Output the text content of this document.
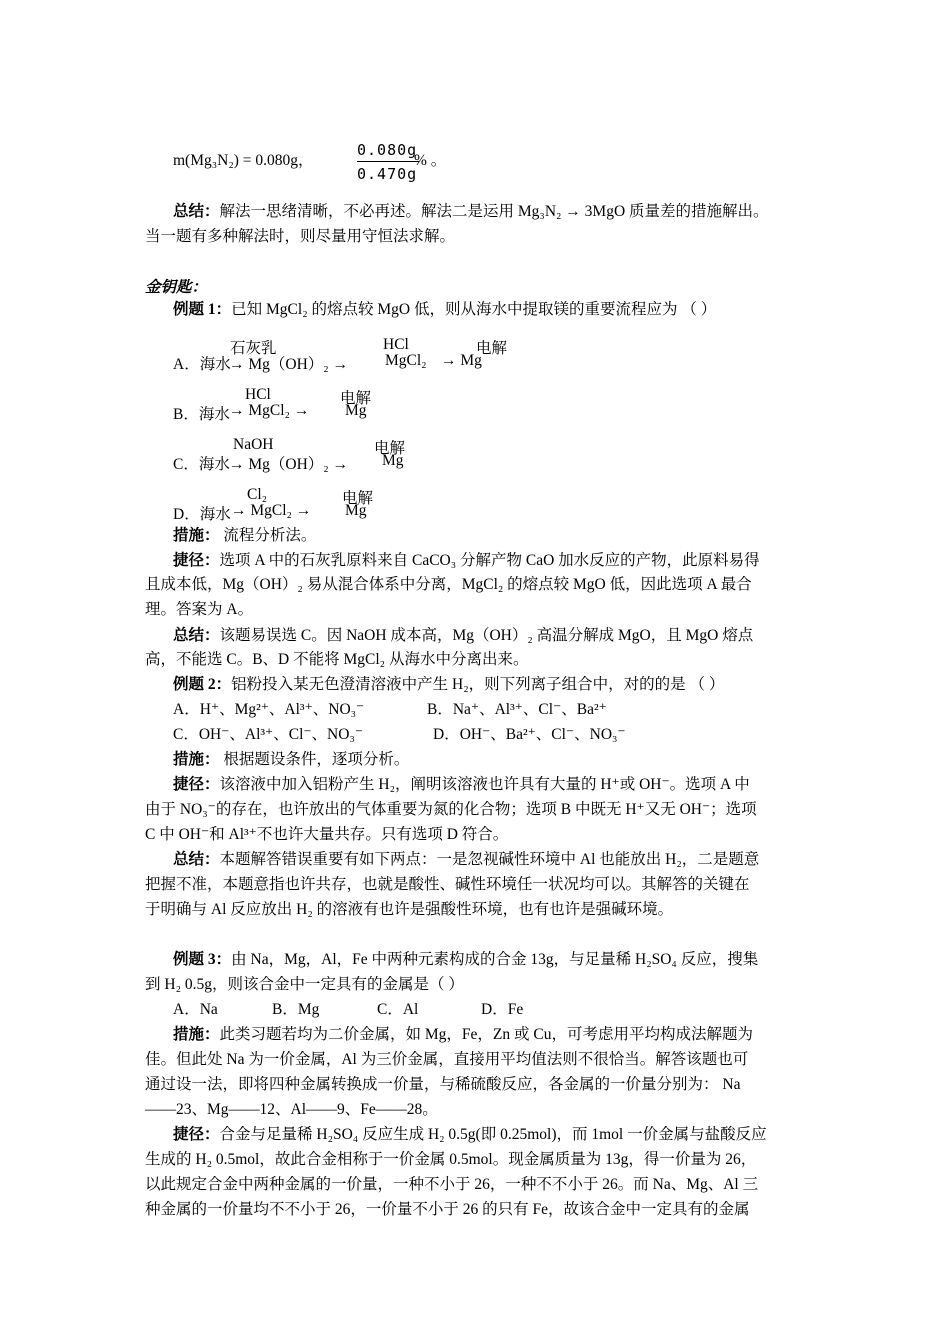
m(Mg₃N₂) = 0.080g，
0.080g
0.470g
% 。
总结：解法一思绪清晰，不必再述。解法二是运用 Mg₃N₂ → 3MgO 质量差的措施解出。
当一题有多种解法时，则尽量用守恒法求解。
金钥匙：
例题 1：已知 MgCl₂ 的熔点较 MgO 低，则从海水中提取镁的重要流程应为 （ ）
A．海水
→ Mg（OH）₂ → MgCl₂ → Mg
石灰乳	HCl	电解
B．海水 → MgCl₂ → Mg
HCl	电解
C．海水 → Mg（OH）₂ → Mg
NaOH	电解
D．海水 → MgCl₂ → Mg
Cl₂	电解
措施： 流程分析法。
捷径：选项 A 中的石灰乳原料来自 CaCO₃ 分解产物 CaO 加水反应的产物，此原料易得
且成本低，Mg（OH）₂ 易从混合体系中分离，MgCl₂ 的熔点较 MgO 低，因此选项 A 最合
理。答案为 A。
总结：该题易误选 C。因 NaOH 成本高，Mg（OH）₂ 高温分解成 MgO，且 MgO 熔点
高，不能选 C。B、D 不能将 MgCl₂ 从海水中分离出来。
例题 2：铝粉投入某无色澄清溶液中产生 H₂，则下列离子组合中，对的的是 （ ）
A．H⁺、Mg²⁺、Al³⁺、NO₃⁻	B．Na⁺、Al³⁺、Cl⁻、Ba²⁺
C．OH⁻、Al³⁺、Cl⁻、NO₃⁻	D．OH⁻、Ba²⁺、Cl⁻、NO₃⁻
措施： 根据题设条件，逐项分析。
捷径：该溶液中加入铝粉产生 H₂，阐明该溶液也许具有大量的 H⁺或 OH⁻。选项 A 中
由于 NO₃⁻的存在，也许放出的气体重要为氮的化合物；选项 B 中既无 H⁺又无 OH⁻；选项
C 中 OH⁻和 Al³⁺不也许大量共存。只有选项 D 符合。
总结：本题解答错误重要有如下两点：一是忽视碱性环境中 Al 也能放出 H₂，二是题意
把握不准，本题意指也许共存，也就是酸性、碱性环境任一状况均可以。其解答的关键在
于明确与 Al 反应放出 H₂ 的溶液有也许是强酸性环境，也有也许是强碱环境。
例题 3：由 Na，Mg，Al，Fe 中两种元素构成的合金 13g，与足量稀 H₂SO₄ 反应，搜集
到 H₂ 0.5g，则该合金中一定具有的金属是（ ）
A．Na	B．Mg	C．Al	D．Fe
措施：此类习题若均为二价金属，如 Mg，Fe，Zn 或 Cu，可考虑用平均构成法解题为
佳。但此处 Na 为一价金属，Al 为三价金属，直接用平均值法则不很恰当。解答该题也可
通过设一法，即将四种金属转换成一价量，与稀硫酸反应，各金属的一价量分别为： Na
——23、Mg——12、Al——9、Fe——28。
捷径：合金与足量稀 H₂SO₄ 反应生成 H₂ 0.5g(即 0.25mol)，而 1mol 一价金属与盐酸反应
生成的 H₂ 0.5mol，故此合金相称于一价金属 0.5mol。现金属质量为 13g，得一价量为 26，
以此规定合金中两种金属的一价量，一种不小于 26，一种不不小于 26。而 Na、Mg、Al 三
种金属的一价量均不不小于 26，一价量不小于 26 的只有 Fe，故该合金中一定具有的金属
